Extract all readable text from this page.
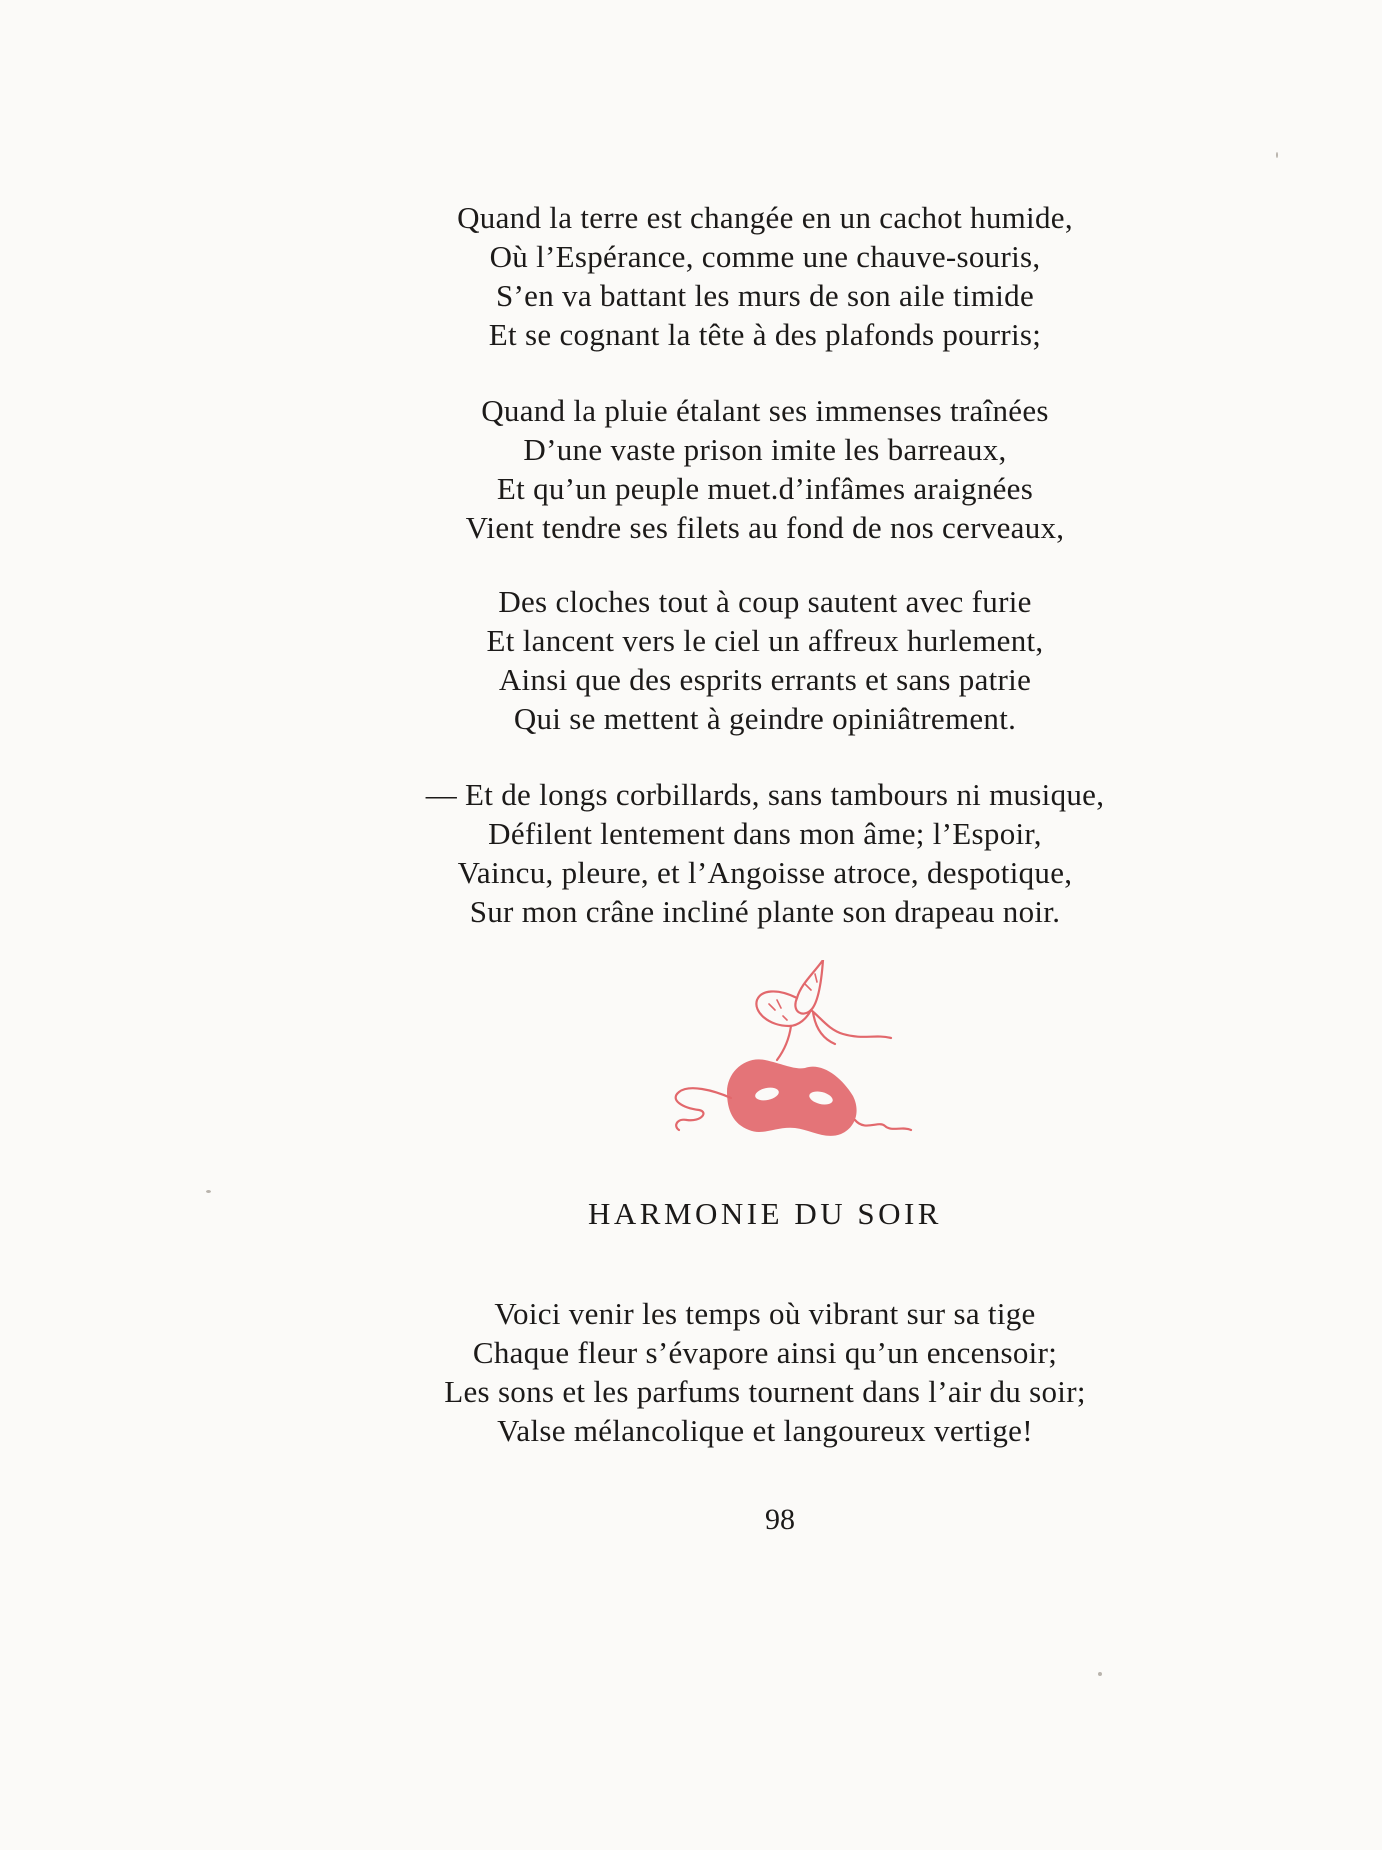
Quand la terre est changée en un cachot humide,
Où l’Espérance, comme une chauve-souris,
S’en va battant les murs de son aile timide
Et se cognant la tête à des plafonds pourris;
Quand la pluie étalant ses immenses traînées
D’une vaste prison imite les barreaux,
Et qu’un peuple muet.d’infâmes araignées
Vient tendre ses filets au fond de nos cerveaux,
Des cloches tout à coup sautent avec furie
Et lancent vers le ciel un affreux hurlement,
Ainsi que des esprits errants et sans patrie
Qui se mettent à geindre opiniâtrement.
— Et de longs corbillards, sans tambours ni musique,
Défilent lentement dans mon âme; l’Espoir,
Vaincu, pleure, et l’Angoisse atroce, despotique,
Sur mon crâne incliné plante son drapeau noir.
HARMONIE DU SOIR
Voici venir les temps où vibrant sur sa tige
Chaque fleur s’évapore ainsi qu’un encensoir;
Les sons et les parfums tournent dans l’air du soir;
Valse mélancolique et langoureux vertige!
98
